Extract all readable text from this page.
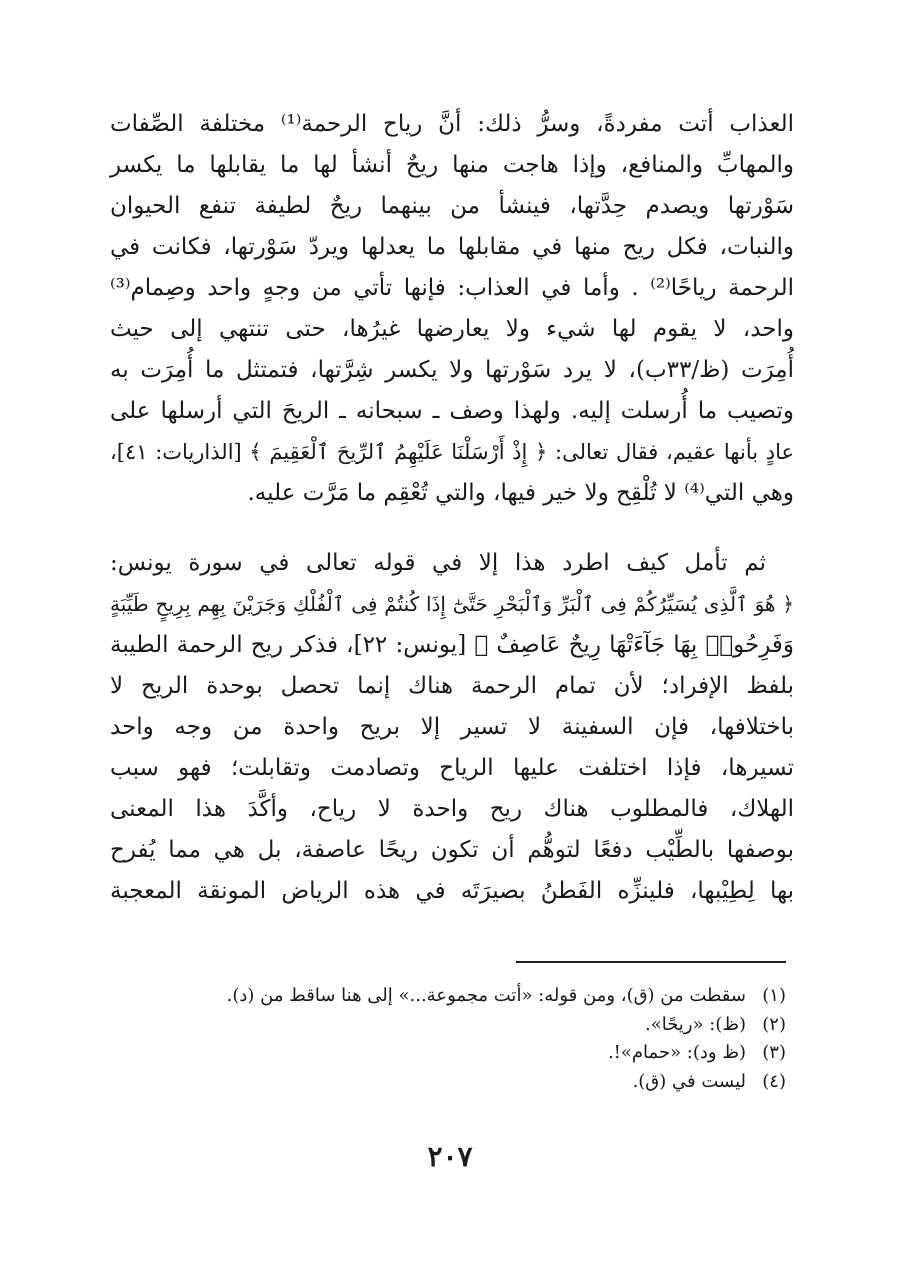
العذاب أتت مفردةً، وسرُّ ذلك: أنَّ رياح الرحمة⁽¹⁾ مختلفة الصِّفات
والمهابِّ والمنافع، وإذا هاجت منها ريحٌ أنشأ لها ما يقابلها ما يكسر
سَوْرتها ويصدم حِدَّتها، فينشأ من بينهما ريحٌ لطيفة تنفع الحيوان
والنبات، فكل ريح منها في مقابلها ما يعدلها ويردّ سَوْرتها، فكانت في
الرحمة رياحًا⁽²⁾ . وأما في العذاب: فإنها تأتي من وجهٍ واحد وصِمام⁽³⁾
واحد، لا يقوم لها شيء ولا يعارضها غيرُها، حتى تنتهي إلى حيث
أُمِرَت (ظ/٣٣ب)، لا يرد سَوْرتها ولا يكسر شِرَّتها، فتمتثل ما أُمِرَت به
وتصيب ما أُرسلت إليه. ولهذا وصف ـ سبحانه ـ الريحَ التي أرسلها على
عادٍ بأنها عقيم، فقال تعالى: ﴿ إِذْ أَرْسَلْنَا عَلَيْهِمُ ٱلرِّيحَ ٱلْعَقِيمَ ﴾ [الذاريات: ٤١]،
وهي التي⁽⁴⁾ لا تُلْقِح ولا خير فيها، والتي تُعْقِم ما مَرَّت عليه.
ثم تأمل كيف اطرد هذا إلا في قوله تعالى في سورة يونس:
﴿ هُوَ ٱلَّذِى يُسَيِّرُكُمْ فِى ٱلْبَرِّ وَٱلْبَحْرِ حَتَّىٰٓ إِذَا كُنتُمْ فِى ٱلْفُلْكِ وَجَرَيْنَ بِهِم بِرِيحٍ طَيِّبَةٍ
وَفَرِحُوا۟ بِهَا جَآءَتْهَا رِيحٌ عَاصِفٌ ﴾ [يونس: ٢٢]، فذكر ريح الرحمة الطيبة
بلفظ الإفراد؛ لأن تمام الرحمة هناك إنما تحصل بوحدة الريح لا
باختلافها، فإن السفينة لا تسير إلا بريح واحدة من وجه واحد
تسيرها، فإذا اختلفت عليها الرياح وتصادمت وتقابلت؛ فهو سبب
الهلاك، فالمطلوب هناك ريح واحدة لا رياح، وأكَّدَ هذا المعنى
بوصفها بالطِّيْب دفعًا لتوهُّم أن تكون ريحًا عاصفة، بل هي مما يُفرح
بها لِطِيْبها، فلينزِّه الفَطنُ بصيرَتَه في هذه الرياض المونقة المعجبة
(١)سقطت من (ق)، ومن قوله: «أتت مجموعة...» إلى هنا ساقط من (د).
(٢)(ظ): «ريحًا».
(٣)(ظ ود): «حمام»!.
(٤)ليست في (ق).
٢٠٧
